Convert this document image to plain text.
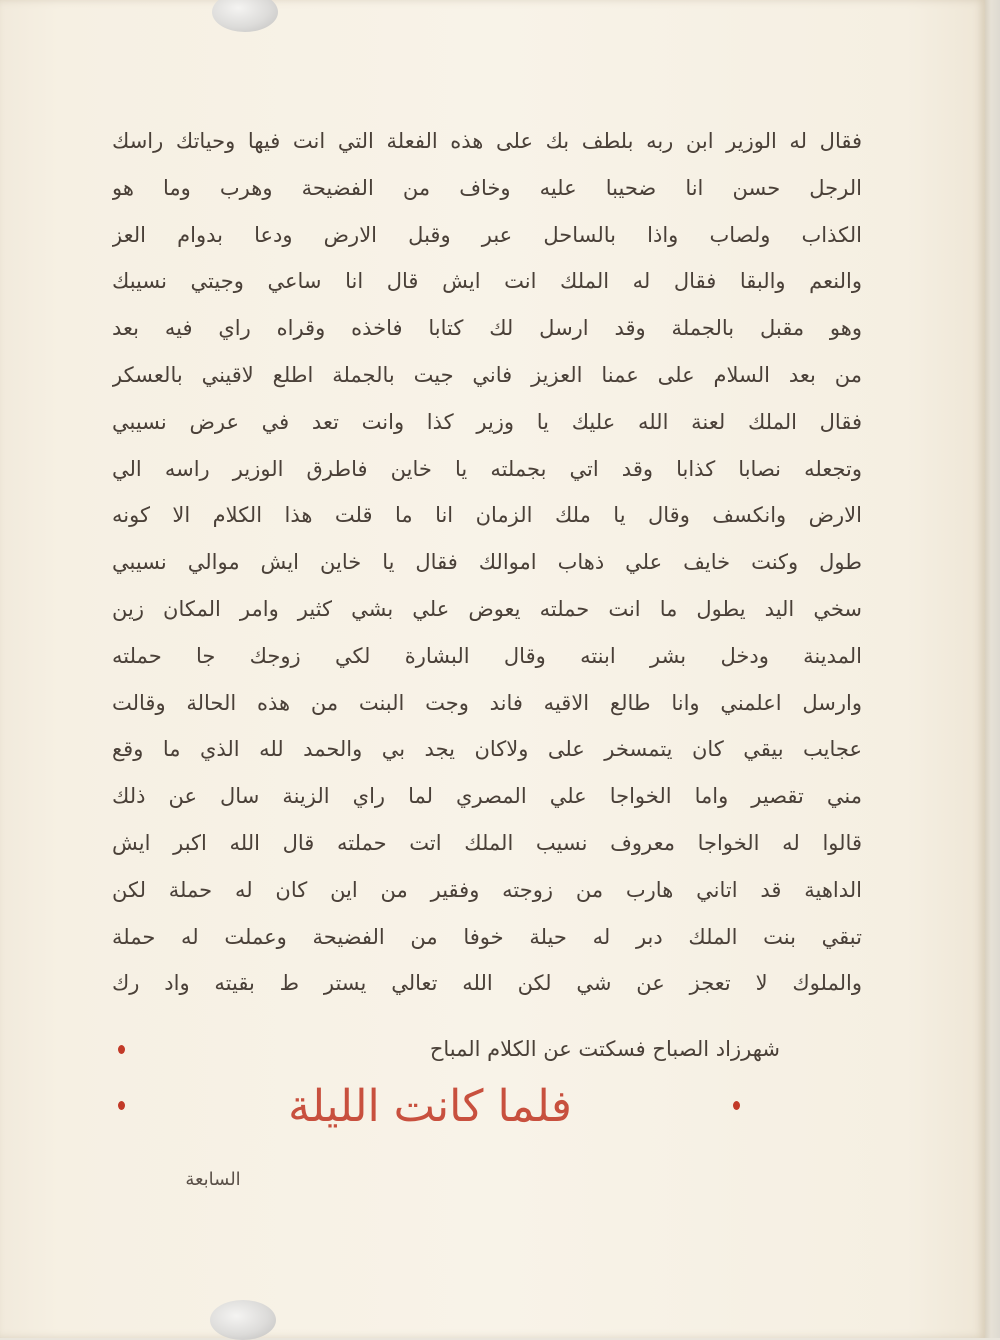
فقال له الوزير ابن ربه بلطف بك على هذه الفعلة التي انت فيها وحياتك راسك
الرجل حسن انا ضحيبا عليه وخاف من الفضيحة وهرب وما هو
الكذاب ولصاب واذا بالساحل عبر وقبل الارض ودعا بدوام العز
والنعم والبقا فقال له الملك انت ايش قال انا ساعي وجيتي نسيبك
وهو مقبل بالجملة وقد ارسل لك كتابا فاخذه وقراه راي فيه بعد
من بعد السلام على عمنا العزيز فاني جيت بالجملة اطلع لاقيني بالعسكر
فقال الملك لعنة الله عليك يا وزير كذا وانت تعد في عرض نسيبي
وتجعله نصابا كذابا وقد اتي بجملته يا خاين فاطرق الوزير راسه الي
الارض وانكسف وقال يا ملك الزمان انا ما قلت هذا الكلام الا كونه
طول وكنت خايف علي ذهاب اموالك فقال يا خاين ايش موالي نسيبي
سخي اليد يطول ما انت حملته يعوض علي بشي كثير وامر المكان زين
المدينة ودخل بشر ابنته وقال البشارة لكي زوجك جا حملته
وارسل اعلمني وانا طالع الاقيه فاند وجت البنت من هذه الحالة وقالت
عجايب بيقي كان يتمسخر على ولاكان يجد بي والحمد لله الذي ما وقع
مني تقصير واما الخواجا علي المصري لما راي الزينة سال عن ذلك
قالوا له الخواجا معروف نسيب الملك اتت حملته قال الله اكبر ايش
الداهية قد اتاني هارب من زوجته وفقير من اين كان له حملة لكن
تبقي بنت الملك دبر له حيلة خوفا من الفضيحة وعملت له حملة
والملوك لا تعجز عن شي لكن الله تعالي يستر ط بقيته واد رك
شهرزاد الصباح فسكتت عن الكلام المباح
فلما كانت الليلة
السابعة
